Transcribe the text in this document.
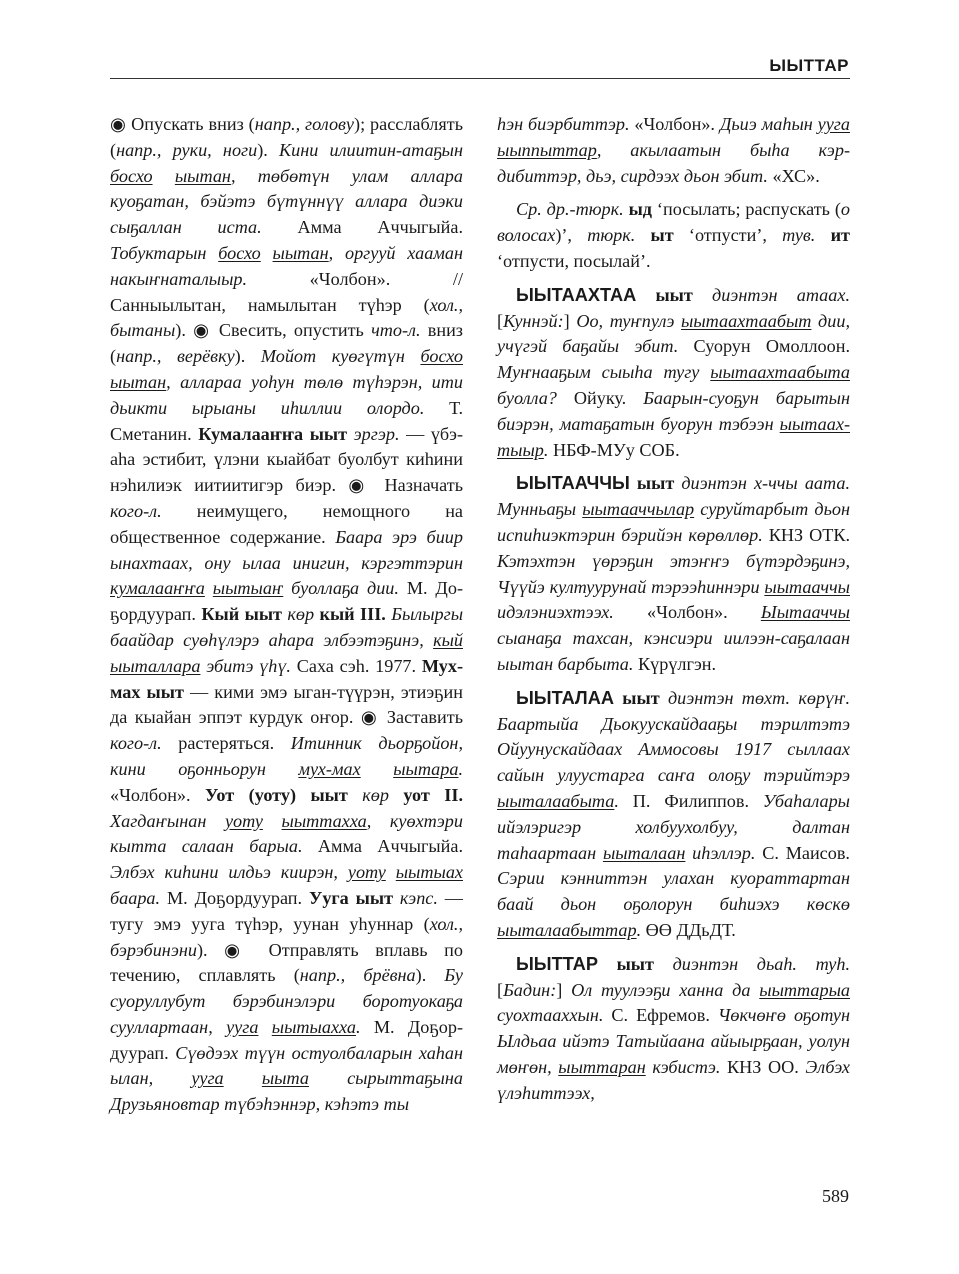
ЫЫТТАР

◉ Опускать вниз (напр., голову); расслаблять (напр., руки, ноги). Кини илиитин-атаҕын босхо ыытан, төбөтүн улам аллара куоҕатан, бэйэтэ бүтүннүү аллара диэки сыҕаллан иста. Амма Аччыгыйа. Тобуктарын босхо ыытан, оргууй хааман накыҥнаталыыр. «Чолбон». // Санныылытан, намылытан түһэр (хол., бытаны). ◉ Свесить, опустить что-л. вниз (напр., верёвку). Мойот куөгүтүн босхо ыытан, аллараа уоһун төлө түһэрэн, ити дьикти ырыаны иһиллии олордо. Т. Сметанин. Кумалааҥҥа ыыт эргэр. — үбэ-аһа эстибит, үлэни кыайбат буолбут киһини нэһилиэк иитиитигэр биэр. ◉ Назначать кого-л. неимущего, немощного на общественное содержание. Баара эрэ биир ынахтаах, ону ылаа инигин, кэргэттэрин кумалааҥҥа ыытыаҥ буоллаҕа дии. М. Доҕордуурап. Кый ыыт көр кый III. Былыргы баайдар суөһүлэрэ аһара элбээтэҕинэ, кый ыыталлара эбитэ үһү. Саха сэһ. 1977. Мух-мах ыыт — кими эмэ ыган-түүрэн, этиэҕин да кыайан эппэт курдук оҥор. ◉ Заставить кого-л. растеряться. Итинник дьорҕойон, кини оҕонньорун мух-мах ыытара. «Чолбон». Уот (уоту) ыыт көр уот II. Хагдаҥынан уоту ыыттахха, куөхтэри кытта салаан барыа. Амма Аччыгыйа. Элбэх киһини илдьэ киирэн, уоту ыытыах баара. М. Доҕордуурап. Ууга ыыт кэпс. — тугу эмэ ууга түһэр, уунан уһуннар (хол., бэрэбинэни). ◉ Отправлять вплавь по течению, сплавлять (напр., брёвна). Бу суоруллубут бэрэбинэлэри боротуокаҕа сууллартаан, ууга ыытыахха. М. Доҕордуурап. Сүөдээх түүн остуолбаларын хаһан ылан, ууга ыыта сырыттаҕына Друзьяновтар түбэһэннэр, кэһэтэ ты

һэн биэрбиттэр. «Чолбон». Дьиэ маһын ууга ыыппыттар, акылаатын быһа кэрдибиттэр, дьэ, сирдээх дьон эбит. «ХС».

Ср. др.-тюрк. ыд ‘посылать; распускать (о волосах)’, тюрк. ыт ‘отпусти’, тув. ит ‘отпусти, посылай’.

ЫЫТААХТАА ыыт диэнтэн атаах. [Куннэй:] Оо, туҥпулэ ыытаахтаабыт дии, учүгэй баҕайы эбит. Суорун Омоллоон. Муҥнааҕым сыыһа тугу ыытаахтаабыта буолла? Ойуку. Баарын-суоҕун барытын биэрэн, матаҕатын буорун тэбээн ыытаахтыыр. НБФ-МУу СОБ.

ЫЫТААЧЧЫ ыыт диэнтэн х-ччы аата. Мунньаҕы ыытааччылар суруйтарбыт дьон испиһиэктэрин бэрийэн көрөллөр. КНЗ ОТК. Кэтэхтэн үөрэҕин этэҥҥэ бүтэрдэҕинэ, Чүүйэ култуурунай тэрээһиннэри ыытааччы идэлэниэхтээх. «Чолбон». Ыытааччы сыанаҕа тахсан, кэнсиэри иилээн-саҕалаан ыытан барбыта. Күрүлгэн.

ЫЫТАЛАА ыыт диэнтэн төхт. көрүҥ. Баартыйа Дьокуускайдааҕы тэрилтэтэ Ойуунускайдаах Аммосовы 1917 сыллаах сайын улуустарга саҥа олоҕу тэрийтэрэ ыыталаабыта. П. Филиппов. Убаһалары ийэлэригэр холбуухолбуу, далтан таһаартаан ыыталаан иһэллэр. С. Маисов. Сэрии кэнниттэн улахан куораттартан баай дьон оҕолорун биһиэхэ көскө ыыталаабыттар. ӨӨ ДДьДТ.

ЫЫТТАР ыыт диэнтэн дьаһ. туһ. [Бадин:] Ол туулээҕи ханна да ыыттарыа суохтааххын. С. Ефремов. Чөкчөҥө оҕотун Ылдьаа ийэтэ Татыйаана айыырҕаан, уолун мөҥөн, ыыттаран кэбистэ. КНЗ ОО. Элбэх үлэһиттээх,

589
